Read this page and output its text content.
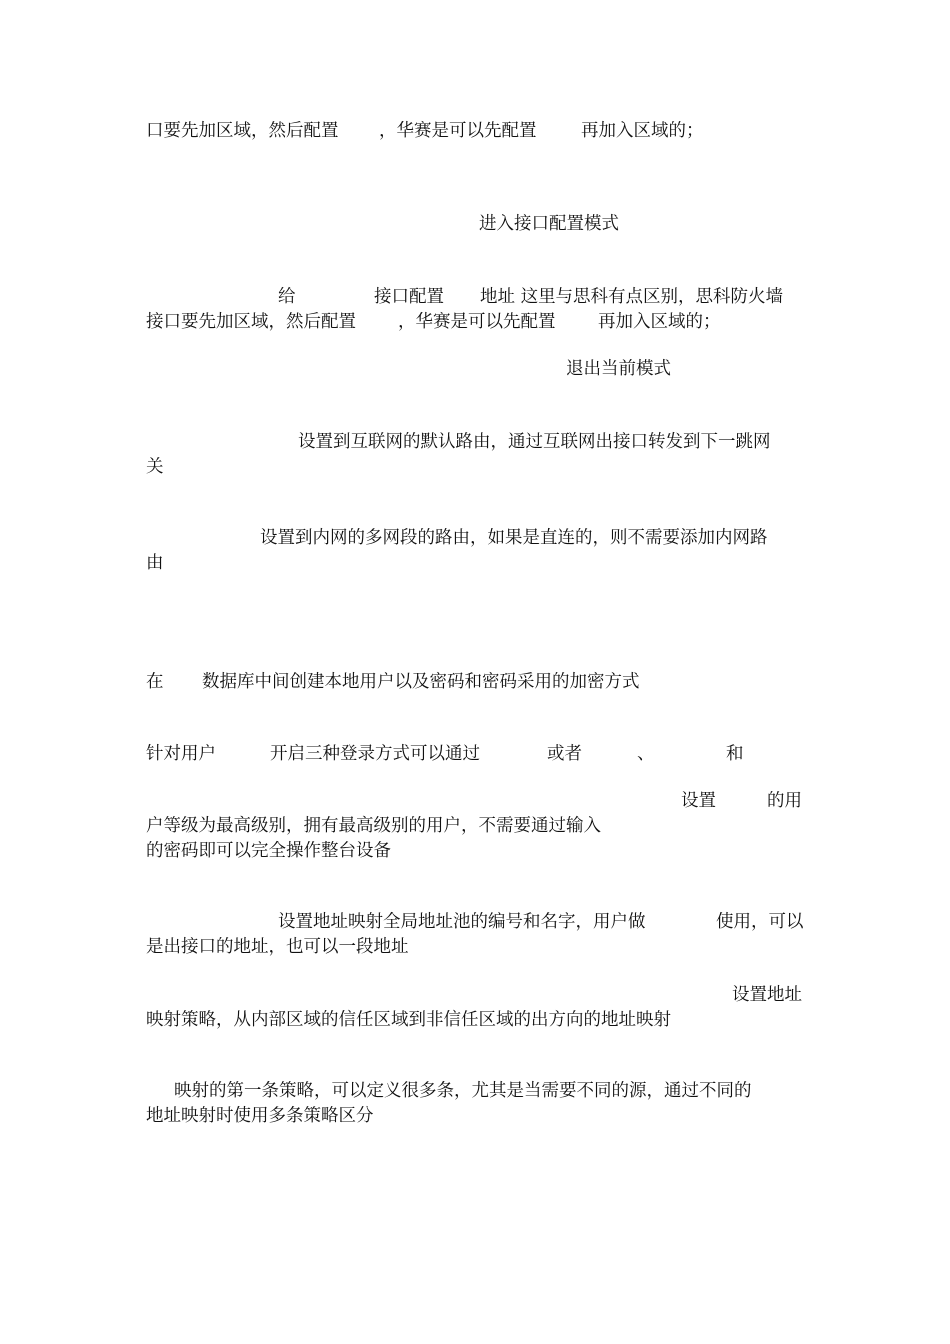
口要先加区域，然后配置 ，华赛是可以先配置	再加入区域的；
进入接口配置模式
给	接口配置 地址 这里与思科有点区别，思科防火墙
接口要先加区域，然后配置 ，华赛是可以先配置 再加入区域的；
退出当前模式
设置到互联网的默认路由，通过互联网出接口转发到下一跳网
关
设置到内网的多网段的路由，如果是直连的，则不需要添加内网路
由
在 数据库中间创建本地用户以及密码和密码采用的加密方式
针对用户	开启三种登录方式可以通过	或者	、	和
设置	的用
户等级为最高级别，拥有最高级别的用户，不需要通过输入
的密码即可以完全操作整台设备
设置地址映射全局地址池的编号和名字，用户做	使用，可以
是出接口的地址，也可以一段地址
设置地址
映射策略，从内部区域的信任区域到非信任区域的出方向的地址映射
映射的第一条策略，可以定义很多条，尤其是当需要不同的源，通过不同的
地址映射时使用多条策略区分
